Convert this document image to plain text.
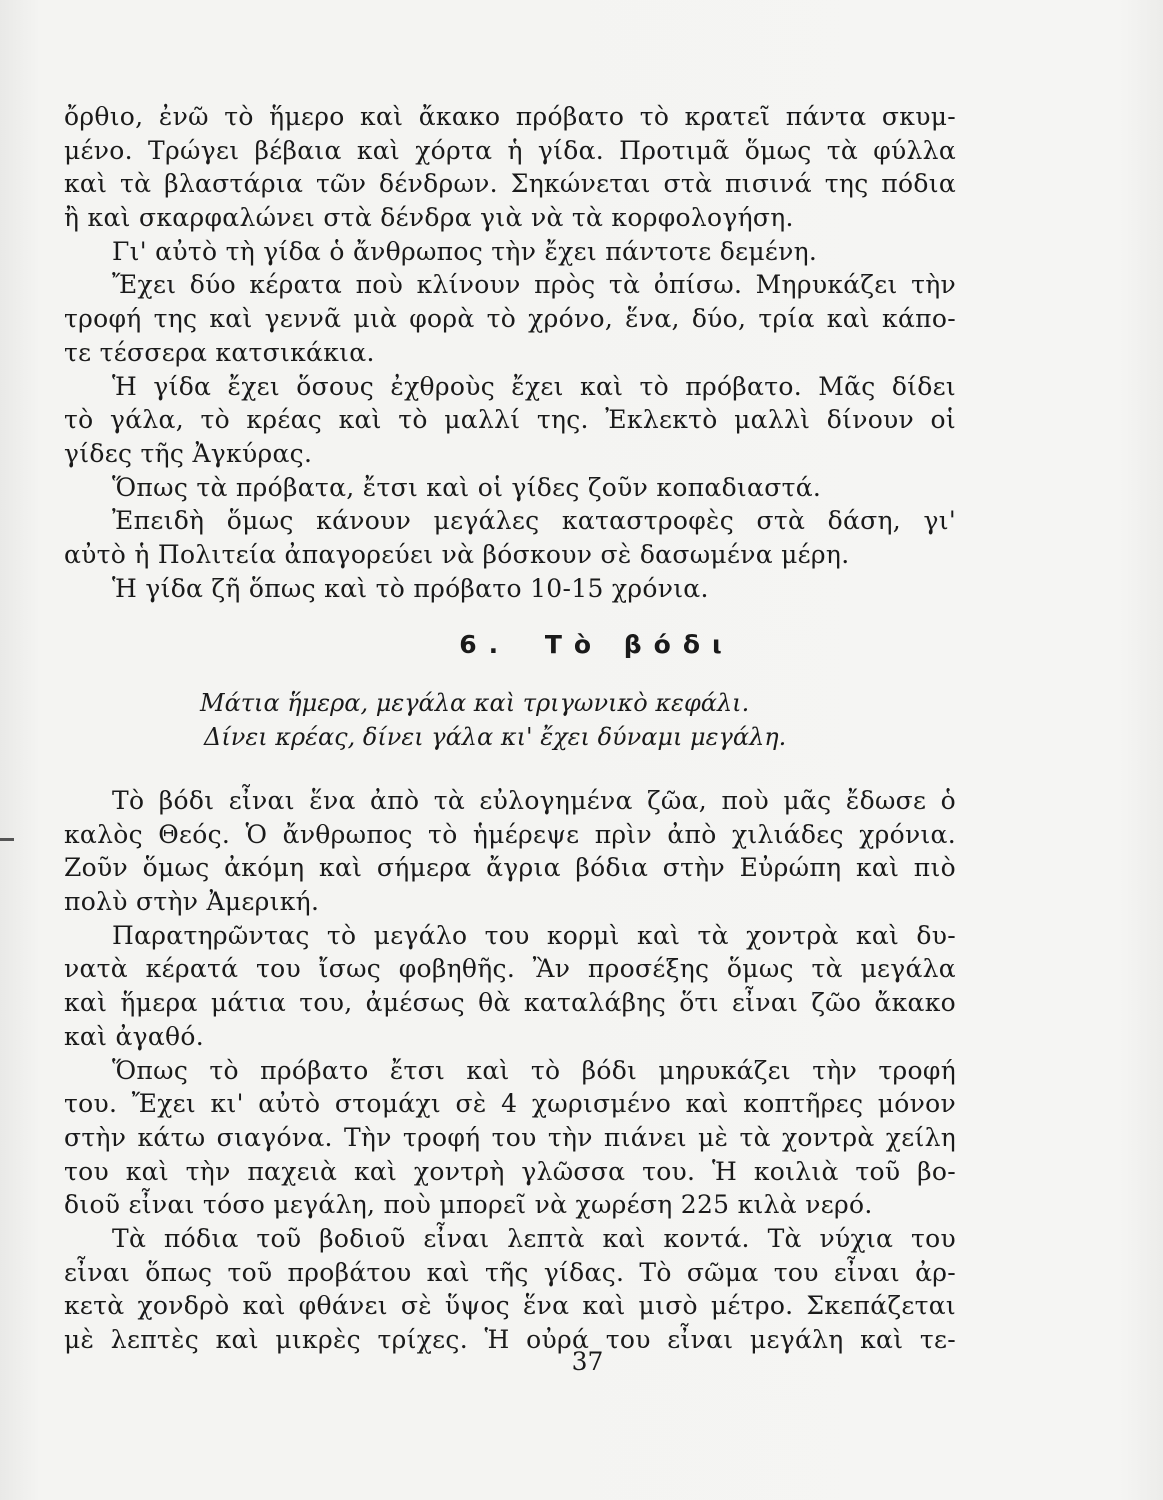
ὄρθιο, ἐνῶ τὸ ἥμερο καὶ ἄκακο πρόβατο τὸ κρατεῖ πάντα σκυμ-
μένο. Τρώγει βέβαια καὶ χόρτα ἡ γίδα. Προτιμᾶ ὅμως τὰ φύλλα
καὶ τὰ βλαστάρια τῶν δένδρων. Σηκώνεται στὰ πισινά της πόδια
ἢ καὶ σκαρφαλώνει στὰ δένδρα γιὰ νὰ τὰ κορφολογήση.
Γι' αὐτὸ τὴ γίδα ὁ ἄνθρωπος τὴν ἔχει πάντοτε δεμένη.
Ἔχει δύο κέρατα ποὺ κλίνουν πρὸς τὰ ὀπίσω. Μηρυκάζει τὴν
τροφή της καὶ γεννᾶ μιὰ φορὰ τὸ χρόνο, ἕνα, δύο, τρία καὶ κάπο-
τε τέσσερα κατσικάκια.
Ἡ γίδα ἔχει ὅσους ἐχθροὺς ἔχει καὶ τὸ πρόβατο. Μᾶς δίδει
τὸ γάλα, τὸ κρέας καὶ τὸ μαλλί της. Ἐκλεκτὸ μαλλὶ δίνουν οἱ
γίδες τῆς Ἀγκύρας.
Ὅπως τὰ πρόβατα, ἔτσι καὶ οἱ γίδες ζοῦν κοπαδιαστά.
Ἐπειδὴ ὅμως κάνουν μεγάλες καταστροφὲς στὰ δάση, γι'
αὐτὸ ἡ Πολιτεία ἀπαγορεύει νὰ βόσκουν σὲ δασωμένα μέρη.
Ἡ γίδα ζῆ ὅπως καὶ τὸ πρόβατο 10-15 χρόνια.
6. Τὸ βόδι
Μάτια ἥμερα, μεγάλα καὶ τριγωνικὸ κεφάλι.
Δίνει κρέας, δίνει γάλα κι' ἔχει δύναμι μεγάλη.
Τὸ βόδι εἶναι ἕνα ἀπὸ τὰ εὐλογημένα ζῶα, ποὺ μᾶς ἔδωσε ὁ
καλὸς Θεός. Ὁ ἄνθρωπος τὸ ἡμέρεψε πρὶν ἀπὸ χιλιάδες χρόνια.
Ζοῦν ὅμως ἀκόμη καὶ σήμερα ἄγρια βόδια στὴν Εὐρώπη καὶ πιὸ
πολὺ στὴν Ἀμερική.
Παρατηρῶντας τὸ μεγάλο του κορμὶ καὶ τὰ χοντρὰ καὶ δυ-
νατὰ κέρατά του ἴσως φοβηθῆς. Ἂν προσέξης ὅμως τὰ μεγάλα
καὶ ἥμερα μάτια του, ἀμέσως θὰ καταλάβης ὅτι εἶναι ζῶο ἄκακο
καὶ ἀγαθό.
Ὅπως τὸ πρόβατο ἔτσι καὶ τὸ βόδι μηρυκάζει τὴν τροφή
του. Ἔχει κι' αὐτὸ στομάχι σὲ 4 χωρισμένο καὶ κοπτῆρες μόνον
στὴν κάτω σιαγόνα. Τὴν τροφή του τὴν πιάνει μὲ τὰ χοντρὰ χείλη
του καὶ τὴν παχειὰ καὶ χοντρὴ γλῶσσα του. Ἡ κοιλιὰ τοῦ βο-
διοῦ εἶναι τόσο μεγάλη, ποὺ μπορεῖ νὰ χωρέση 225 κιλὰ νερό.
Τὰ πόδια τοῦ βοδιοῦ εἶναι λεπτὰ καὶ κοντά. Τὰ νύχια του
εἶναι ὅπως τοῦ προβάτου καὶ τῆς γίδας. Τὸ σῶμα του εἶναι ἀρ-
κετὰ χονδρὸ καὶ φθάνει σὲ ὕψος ἕνα καὶ μισὸ μέτρο. Σκεπάζεται
μὲ λεπτὲς καὶ μικρὲς τρίχες. Ἡ οὐρά του εἶναι μεγάλη καὶ τε-
37
